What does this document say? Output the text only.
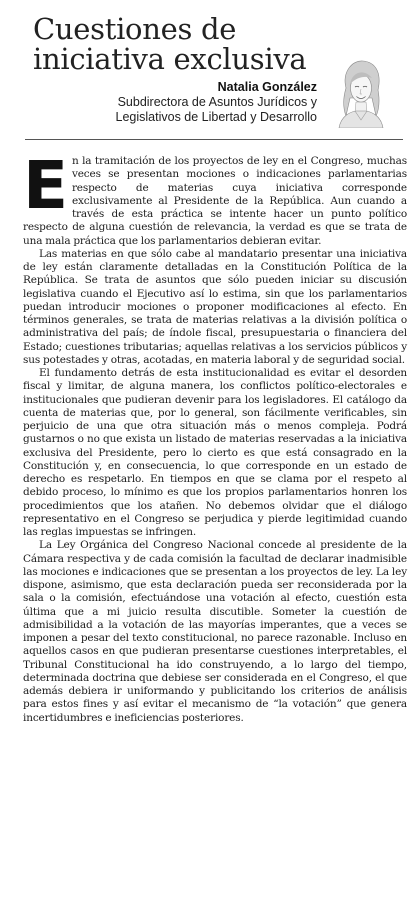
Cuestiones de iniciativa exclusiva
Natalia González
Subdirectora de Asuntos Jurídicos y
Legislativos de Libertad y Desarrollo

En la tramitación de los proyectos de ley en el Congreso, muchas veces se presentan mociones o indicaciones parlamentarias respecto de materias cuya iniciativa corresponde exclusivamente al Presidente de la República. Aun cuando a través de esta práctica se intente hacer un punto político respecto de alguna cuestión de relevancia, la verdad es que se trata de una mala práctica que los parlamentarios debieran evitar.

Las materias en que sólo cabe al mandatario presentar una iniciativa de ley están claramente detalladas en la Constitución Política de la República. Se trata de asuntos que sólo pueden iniciar su discusión legislativa cuando el Ejecutivo así lo estima, sin que los parlamentarios puedan introducir mociones o proponer modificaciones al efecto. En términos generales, se trata de materias relativas a la división política o administrativa del país; de índole fiscal, presupuestaria o financiera del Estado; cuestiones tributarias; aquellas relativas a los servicios públicos y sus potestades y otras, acotadas, en materia laboral y de seguridad social.

El fundamento detrás de esta institucionalidad es evitar el desorden fiscal y limitar, de alguna manera, los conflictos político-electorales e institucionales que pudieran devenir para los legisladores. El catálogo da cuenta de materias que, por lo general, son fácilmente verificables, sin perjuicio de una que otra situación más o menos compleja. Podrá gustarnos o no que exista un listado de materias reservadas a la iniciativa exclusiva del Presidente, pero lo cierto es que está consagrado en la Constitución y, en consecuencia, lo que corresponde en un estado de derecho es respetarlo. En tiempos en que se clama por el respeto al debido proceso, lo mínimo es que los propios parlamentarios honren los procedimientos que los atañen. No debemos olvidar que el diálogo representativo en el Congreso se perjudica y pierde legitimidad cuando las reglas impuestas se infringen.

La Ley Orgánica del Congreso Nacional concede al presidente de la Cámara respectiva y de cada comisión la facultad de declarar inadmisible las mociones e indicaciones que se presentan a los proyectos de ley. La ley dispone, asimismo, que esta declaración pueda ser reconsiderada por la sala o la comisión, efectuándose una votación al efecto, cuestión esta última que a mi juicio resulta discutible. Someter la cuestión de admisibilidad a la votación de las mayorías imperantes, que a veces se imponen a pesar del texto constitucional, no parece razonable. Incluso en aquellos casos en que pudieran presentarse cuestiones interpretables, el Tribunal Constitucional ha ido construyendo, a lo largo del tiempo, determinada doctrina que debiese ser considerada en el Congreso, el que además debiera ir uniformando y publicitando los criterios de análisis para estos fines y así evitar el mecanismo de “la votación” que genera incertidumbres e ineficiencias posteriores.
